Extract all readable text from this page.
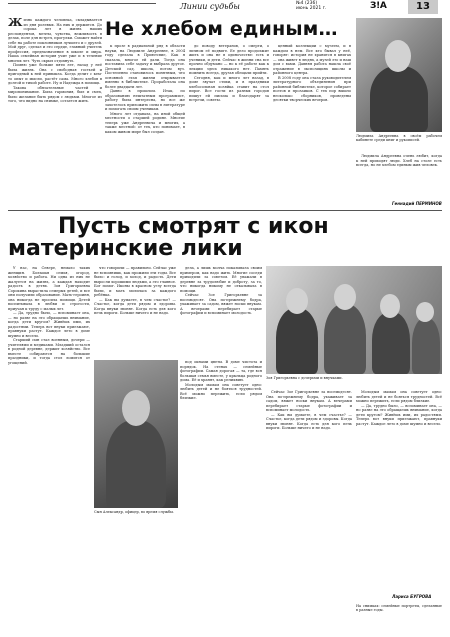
Линии судьбы	№4 (236)
июнь 2021 г.	З!А	13

Жизнь каждого человека, складывается из дня ролевых. На них и держится. До сорока лет в жизнь наших респондентов, мечты, чувства, вежливость в делах, поле для встреч, прогулки. Сможет найти себе на работе поклонников лучшего и с друзей. Мой друг, сделал и это сердце, главный учитель профессия, предназначение в школе и мира. Наша семейная история учит уже и в течение многих лет. Чуть скрыл отдохнуть.

Помню уже больше пяти лет, назад у неё была жизнь. Она с свободная гостьей и пригодный к ней привыкла. Когда делит с кем-то опыт и мысли, растёт сама. Много хлебов в долгой и тихой работе. Ну и Надежда в помощь.

Такова обязательные частей и миропонимание. Была гармония, был и смех, было желание быть рядом с людьми. Многое из того, что видно на снимке, остается жить.

Не хлебом единым…

к прозе в радиальной ряд в области науки, на Людмиле Андреевне, в 2004 году сделала в Приютсвие, Как я сказала, многое ей дали. Тогда она поставила себе задачу и выбрала другое. Детский сад, школа, потом вуз. Постепенно становилось понятным, что основной этап жизни открывается именно в библиотеке. Проработала она более двадцати лет.

Давно в прошлом. Итак, по образованию нештатным программист, работу была интересна, но все же захотелось приложить силы в литературе и помогать своим ученикам.

Много лет отдавала, на иной общей местности о старшей родине. Многие теперь уже Андреевича и многих, а также местной: от тех, кто понимает, в каком живом мире был создан.

до поводу ветеранов, о смерти, о личном её подвиге. Ее дело продолжит жить и она не в одиночестве: есть и ученики, и дети. Сейчас в жизни сна все прочно обдумано — но к её работе как к лекции здесь никакого нет. Память помнить всегда, друзья обещали прийти.

Сегодня, как и много лет назад, в доме звучат стихи, и в праздники хлебосольная хозяйка ставит на стол пирог. Все гости из разных городов пишут ей письма и благодарят за встречи, советы.

ценный коллекции с музеем, и в каждом в нем. Все кто бывал у неё, говорят: история не хранится в книгах — она живет в людях, а музей это и наш дом с вами. Давняя работа нашла своё отражение в экспозициях школы и районного центра.

В 2008 году она стала руководителем литературного объединения при районной библиотеке, которое собирает поэтов и прозаиков. С тех пор вышло несколько сборников, проведены десятки творческих вечеров.

Людмила Андреевна в своём рабочем кабинете среди книг и рукописей.

Людмила Андреевна очень любит, когда к ней приходят люди. Хлеб на столе есть всегда, но не хлебом единым жив человек.

Геннадий ПЕРМИНОВ
Пусть смотрят с икон
материнские лики

У нас, на Севере, немало таких женщин. Большая семья, огород, хозяйство и работа. Ни одна из них не жалуется на жизнь, а каждая находит радость в детях. Зоя Григорьевна Сорокина вырастила семерых детей, и все они получили образование. Мать-героиня, она никогда не просила помощи. Детей воспитывала в любви и строгости, приучая к труду с малых лет.

— Да, трудно было, — вспоминает она, — но разве на это обращаешь внимание, когда дети кругом? Живёшь ими, их радостями. Теперь вот внуки приезжают, правнуки растут. Каждое лето в доме шумно и весело.

Старший сын стал военным, дочери — учителями и медиками. Младший остался в родной деревне, держит хозяйство. Все вместе собираются на большие праздники, и тогда стол ломится от угощений.

что говорили — правильно. Сейчас уже не вспомнишь, как прожили эти годы. Все было: и голод, и холод, и радость. Дети выросли хорошими людьми, а это главное. Бог помог. Иконы в красном углу всегда были, и мать молилась за каждого ребёнка.

— Как вы думаете, в чем счастье? — Счастье, когда дети рядом и здоровы. Когда внуки звонят. Когда есть для кого печь пироги. Больше ничего и не надо.

дела, а лишь молча показывала своим примером, как надо жить. Многие соседи приходили за советом. Её уважали в деревне за трудолюбие и доброту, за то, что никогда никому не отказывала в помощи.

Сейчас Зое Григорьевне за восемьдесят. Она по-прежнему бодра, ухаживает за садом, вяжет носки внукам. А вечерами перебирает старые фотографии и вспоминает молодость.

Сын Александр, офицер, во время службы.

под окнами цветы. В доме чистота и порядок. На стенах — семейные фотографии. Самая дорогая — та, где вся большая семья вместе, у крыльца родного дома. Её и хранят, как реликвию.

Молодым мамам она советует одно: любить детей и не бояться трудностей. Всё можно пережить, если рядом близкие.

Зоя Григорьевна с дочерьми и внучками.

Сейчас Зое Григорьевне за восемьдесят. Она по-прежнему бодра, ухаживает за садом, вяжет носки внукам. А вечерами перебирает старые фотографии и вспоминает молодость.

— Как вы думаете, в чем счастье? — Счастье, когда дети рядом и здоровы. Когда внуки звонят. Когда есть для кого печь пироги. Больше ничего и не надо.

Молодым мамам она советует одно: любить детей и не бояться трудностей. Всё можно пережить, если рядом близкие.

— Да, трудно было, — вспоминает она, — но разве на это обращаешь внимание, когда дети кругом? Живёшь ими, их радостями. Теперь вот внуки приезжают, правнуки растут. Каждое лето в доме шумно и весело.

Лариса БУГРОВА
На снимках: семейные портреты, сделанные в разные годы.
